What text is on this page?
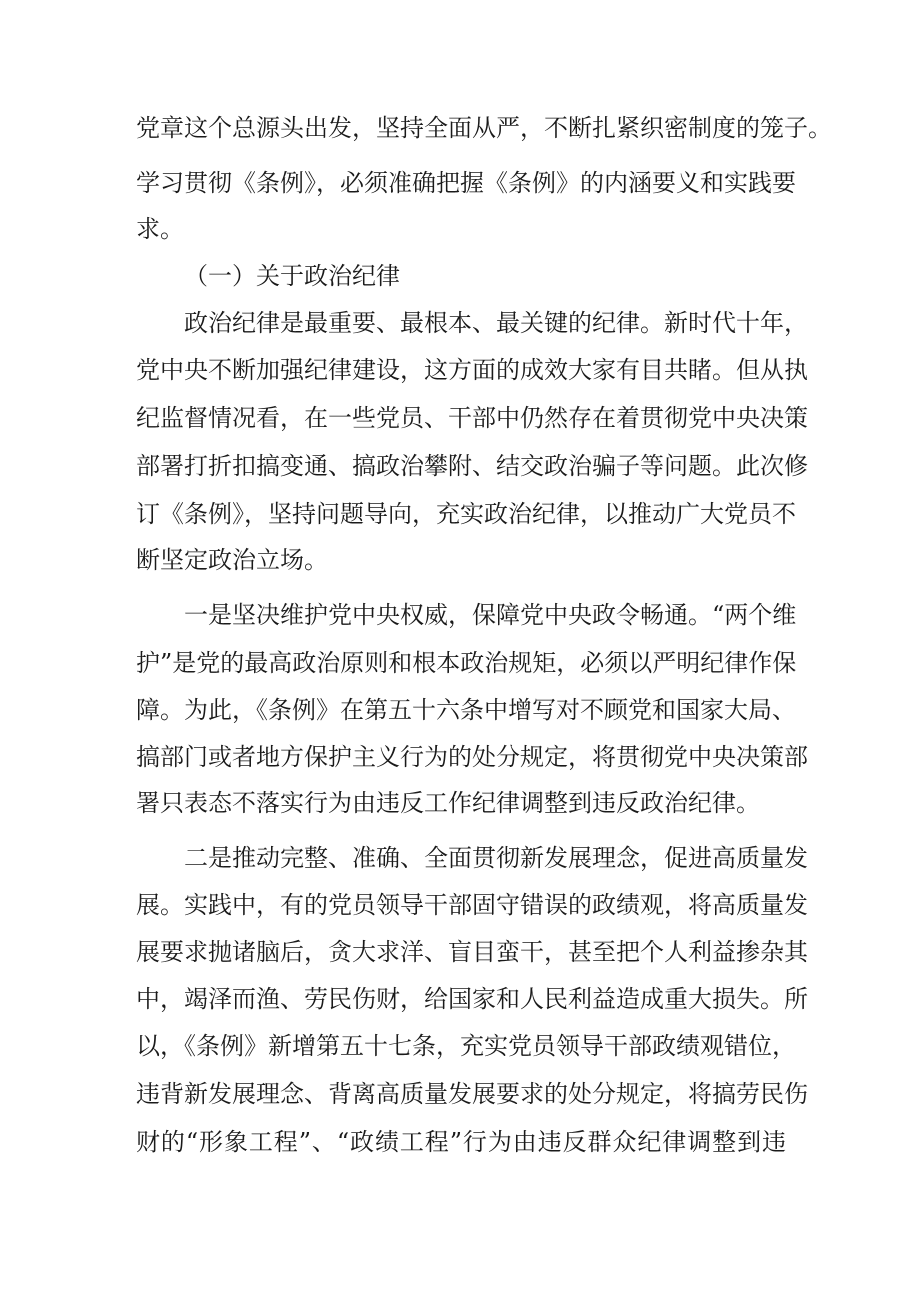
党章这个总源头出发，坚持全面从严，不断扎紧织密制度的笼子。
学习贯彻《条例》，必须准确把握《条例》的内涵要义和实践要
求。
（一）关于政治纪律
政治纪律是最重要、最根本、最关键的纪律。新时代十年，
党中央不断加强纪律建设，这方面的成效大家有目共睹。但从执
纪监督情况看，在一些党员、干部中仍然存在着贯彻党中央决策
部署打折扣搞变通、搞政治攀附、结交政治骗子等问题。此次修
订《条例》，坚持问题导向，充实政治纪律，以推动广大党员不
断坚定政治立场。
一是坚决维护党中央权威，保障党中央政令畅通。“两个维
护”是党的最高政治原则和根本政治规矩，必须以严明纪律作保
障。为此，《条例》在第五十六条中增写对不顾党和国家大局、
搞部门或者地方保护主义行为的处分规定，将贯彻党中央决策部
署只表态不落实行为由违反工作纪律调整到违反政治纪律。
二是推动完整、准确、全面贯彻新发展理念，促进高质量发
展。实践中，有的党员领导干部固守错误的政绩观，将高质量发
展要求抛诸脑后，贪大求洋、盲目蛮干，甚至把个人利益掺杂其
中，竭泽而渔、劳民伤财，给国家和人民利益造成重大损失。所
以，《条例》新增第五十七条，充实党员领导干部政绩观错位，
违背新发展理念、背离高质量发展要求的处分规定，将搞劳民伤
财的“形象工程”、“政绩工程”行为由违反群众纪律调整到违
